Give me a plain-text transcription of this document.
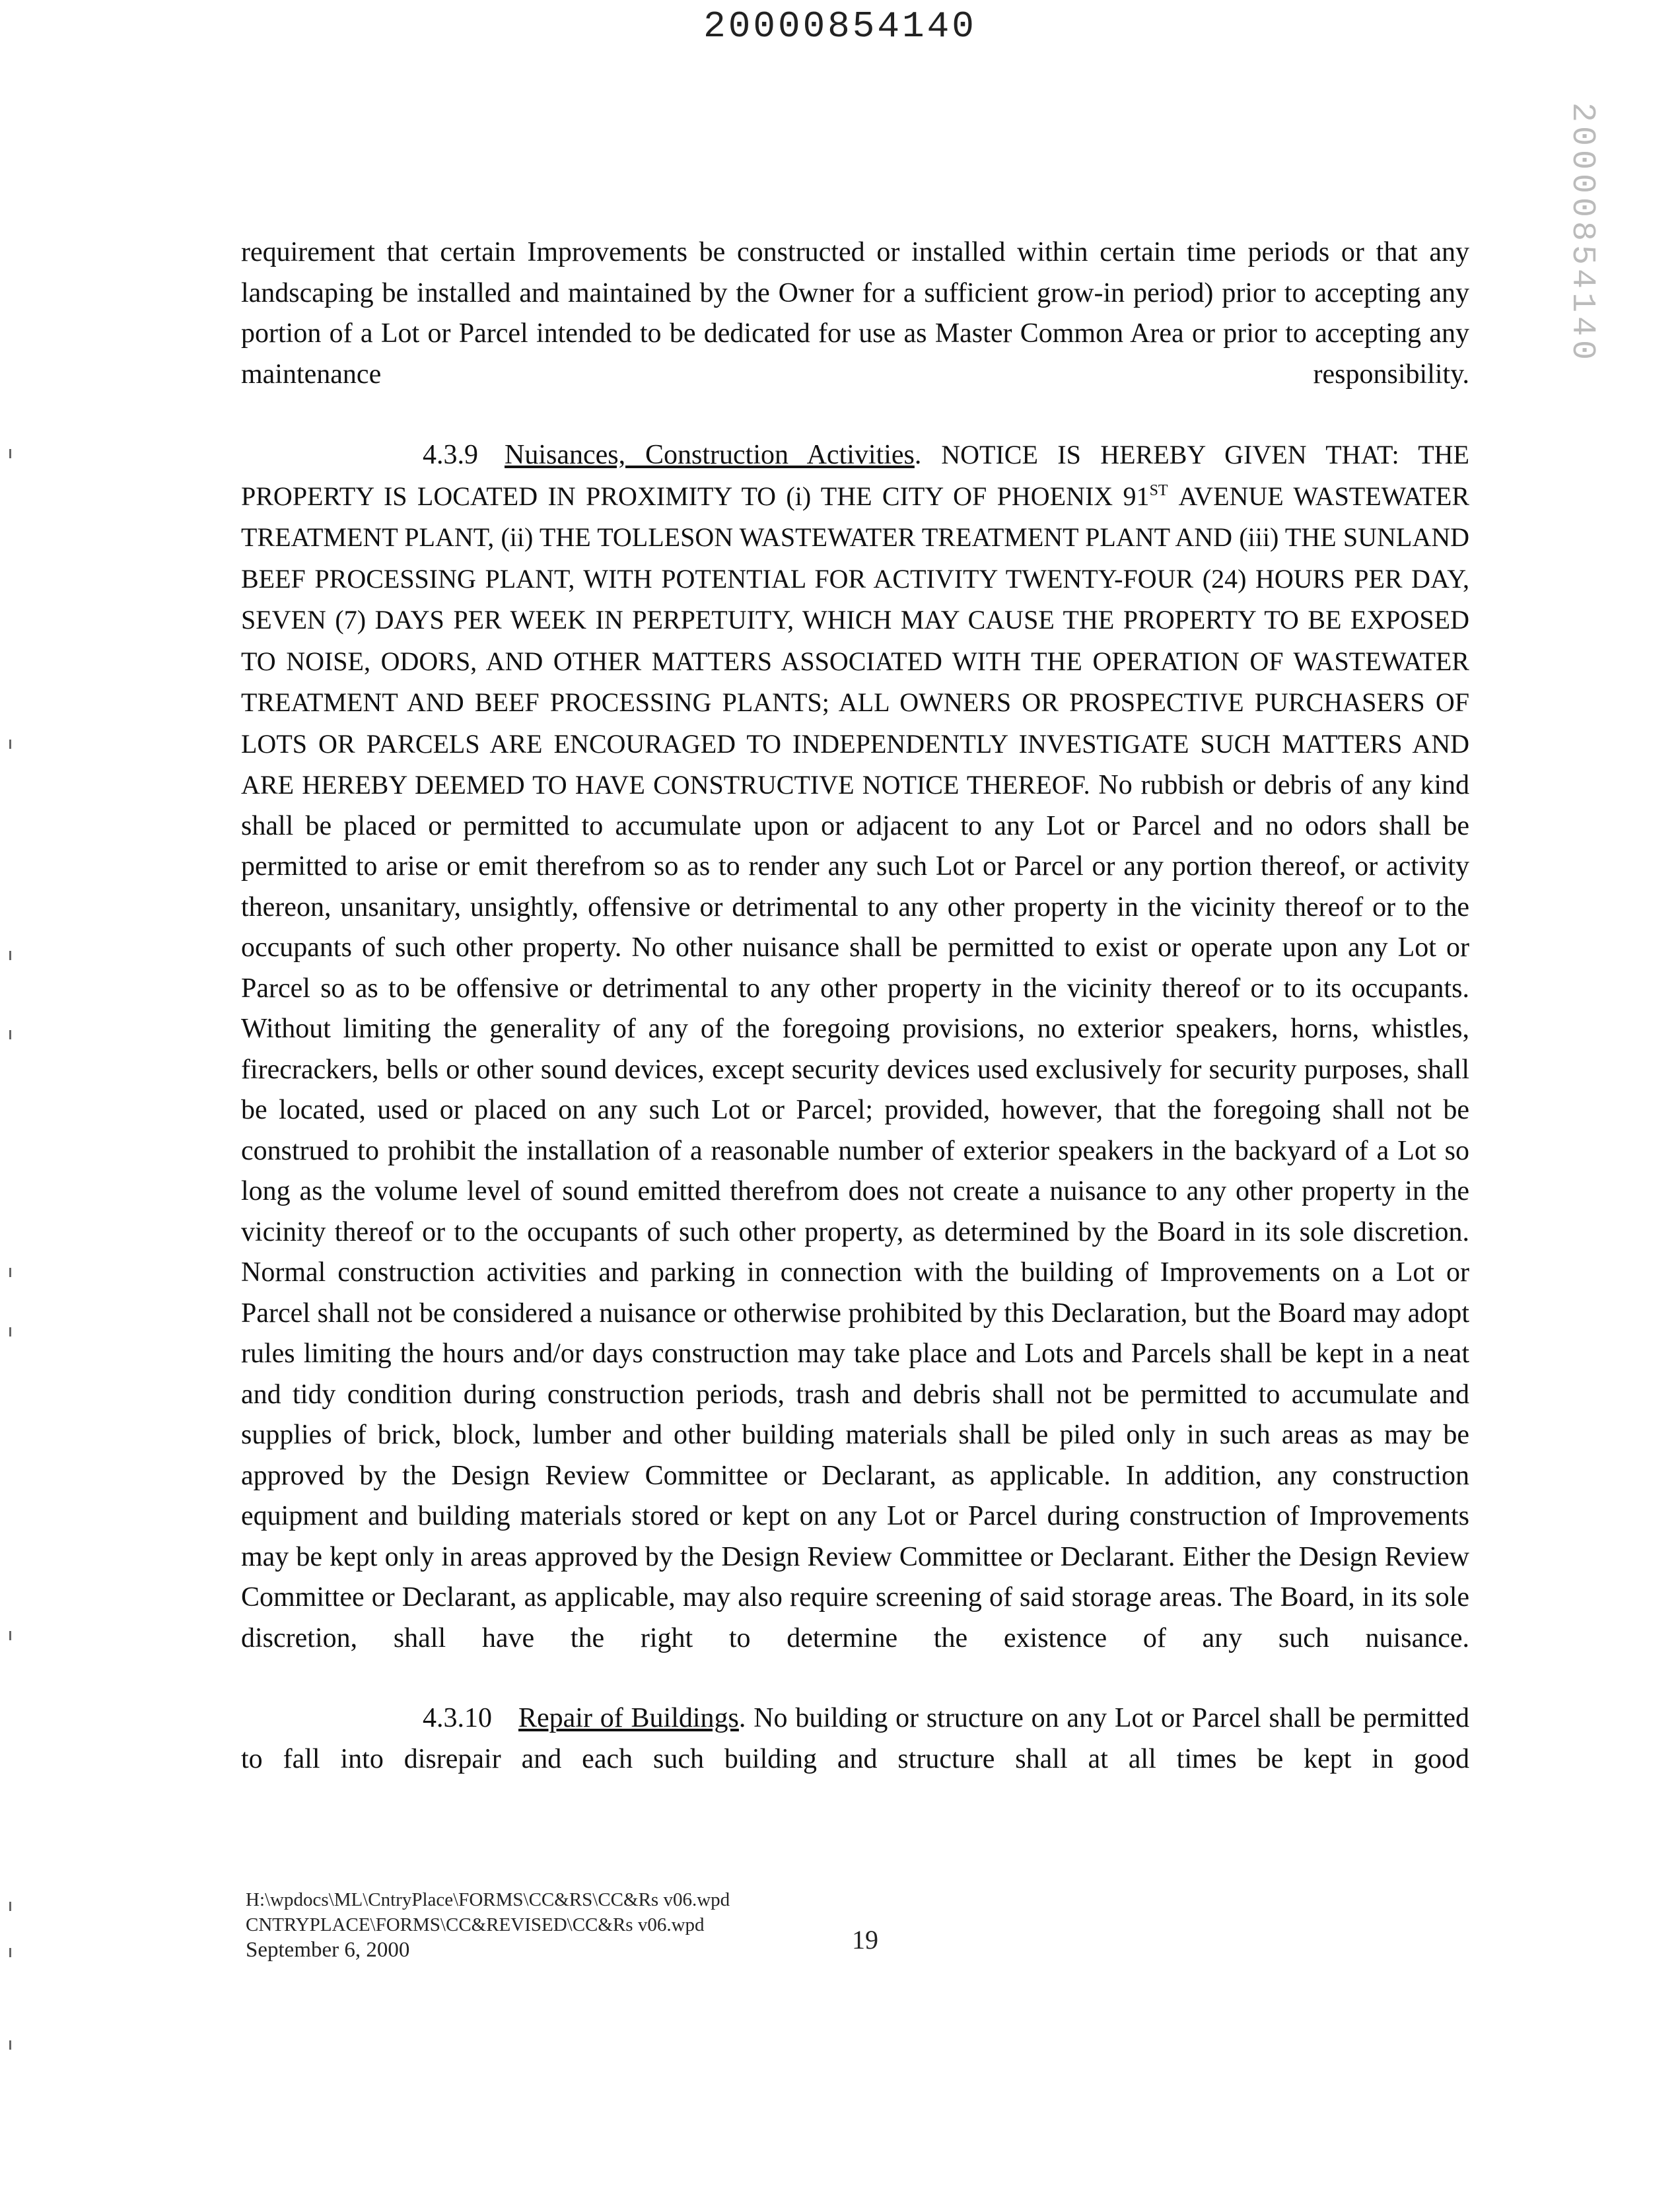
20000854140
20000854140

requirement that certain Improvements be constructed or installed within certain time periods or that any landscaping be installed and maintained by the Owner for a sufficient grow-in period) prior to accepting any portion of a Lot or Parcel intended to be dedicated for use as Master Common Area or prior to accepting any maintenance responsibility.

4.3.9 Nuisances, Construction Activities. NOTICE IS HEREBY GIVEN THAT: THE PROPERTY IS LOCATED IN PROXIMITY TO (i) THE CITY OF PHOENIX 91ST AVENUE WASTEWATER TREATMENT PLANT, (ii) THE TOLLESON WASTEWATER TREATMENT PLANT AND (iii) THE SUNLAND BEEF PROCESSING PLANT, WITH POTENTIAL FOR ACTIVITY TWENTY-FOUR (24) HOURS PER DAY, SEVEN (7) DAYS PER WEEK IN PERPETUITY, WHICH MAY CAUSE THE PROPERTY TO BE EXPOSED TO NOISE, ODORS, AND OTHER MATTERS ASSOCIATED WITH THE OPERATION OF WASTEWATER TREATMENT AND BEEF PROCESSING PLANTS; ALL OWNERS OR PROSPECTIVE PURCHASERS OF LOTS OR PARCELS ARE ENCOURAGED TO INDEPENDENTLY INVESTIGATE SUCH MATTERS AND ARE HEREBY DEEMED TO HAVE CONSTRUCTIVE NOTICE THEREOF. No rubbish or debris of any kind shall be placed or permitted to accumulate upon or adjacent to any Lot or Parcel and no odors shall be permitted to arise or emit therefrom so as to render any such Lot or Parcel or any portion thereof, or activity thereon, unsanitary, unsightly, offensive or detrimental to any other property in the vicinity thereof or to the occupants of such other property. No other nuisance shall be permitted to exist or operate upon any Lot or Parcel so as to be offensive or detrimental to any other property in the vicinity thereof or to its occupants. Without limiting the generality of any of the foregoing provisions, no exterior speakers, horns, whistles, firecrackers, bells or other sound devices, except security devices used exclusively for security purposes, shall be located, used or placed on any such Lot or Parcel; provided, however, that the foregoing shall not be construed to prohibit the installation of a reasonable number of exterior speakers in the backyard of a Lot so long as the volume level of sound emitted therefrom does not create a nuisance to any other property in the vicinity thereof or to the occupants of such other property, as determined by the Board in its sole discretion. Normal construction activities and parking in connection with the building of Improvements on a Lot or Parcel shall not be considered a nuisance or otherwise prohibited by this Declaration, but the Board may adopt rules limiting the hours and/or days construction may take place and Lots and Parcels shall be kept in a neat and tidy condition during construction periods, trash and debris shall not be permitted to accumulate and supplies of brick, block, lumber and other building materials shall be piled only in such areas as may be approved by the Design Review Committee or Declarant, as applicable. In addition, any construction equipment and building materials stored or kept on any Lot or Parcel during construction of Improvements may be kept only in areas approved by the Design Review Committee or Declarant. Either the Design Review Committee or Declarant, as applicable, may also require screening of said storage areas. The Board, in its sole discretion, shall have the right to determine the existence of any such nuisance.

4.3.10 Repair of Buildings. No building or structure on any Lot or Parcel shall be permitted to fall into disrepair and each such building and structure shall at all times be kept in good

H:\wpdocs\ML\CntryPlace\FORMS\CC&RS\CC&Rs v06.wpd
CNTRYPLACE\FORMS\CC&REVISED\CC&Rs v06.wpd
September 6, 2000	19
